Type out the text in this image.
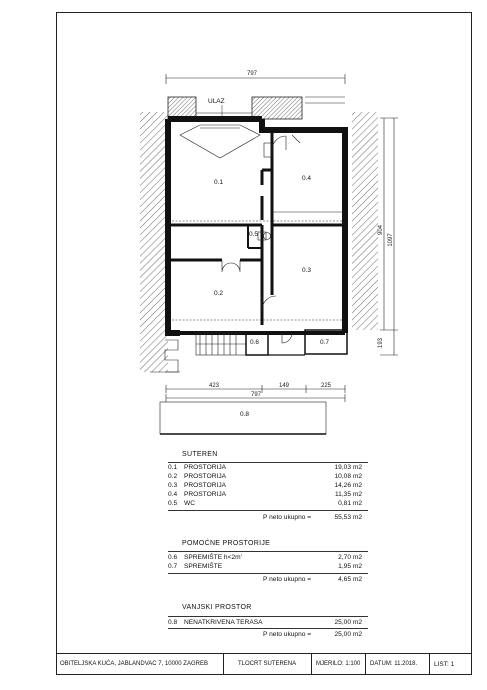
797
ULAZ
904
1097
193
423	149	225
797
0.1
0.2
0.3
0.4
0.5
0.6	0.7
0.8
SUTEREN
0.1 PROSTORIJA	19,03 m2
0.2 PROSTORIJA	10,08 m2
0.3 PROSTORIJA	14,26 m2
0.4 PROSTORIJA	11,35 m2
0.5 WC	0,81 m2
P neto ukupno =	55,53 m2
POMOĆNE PROSTORIJE
0.6 SPREMIŠTE h<2m'	2,70 m2
0.7 SPREMIŠTE	1,95 m2
P neto ukupno =	4,65 m2
VANJSKI PROSTOR
0.8 NENATKRIVENA TERASA	25,00 m2
P neto ukupno =	25,00 m2
OBITELJSKA KUĆA, JABLANDVAC 7, 10000 ZAGREB	TLOCRT SUTERENA	MJERILO: 1:100	DATUM: 11.2018.	LIST: 1
